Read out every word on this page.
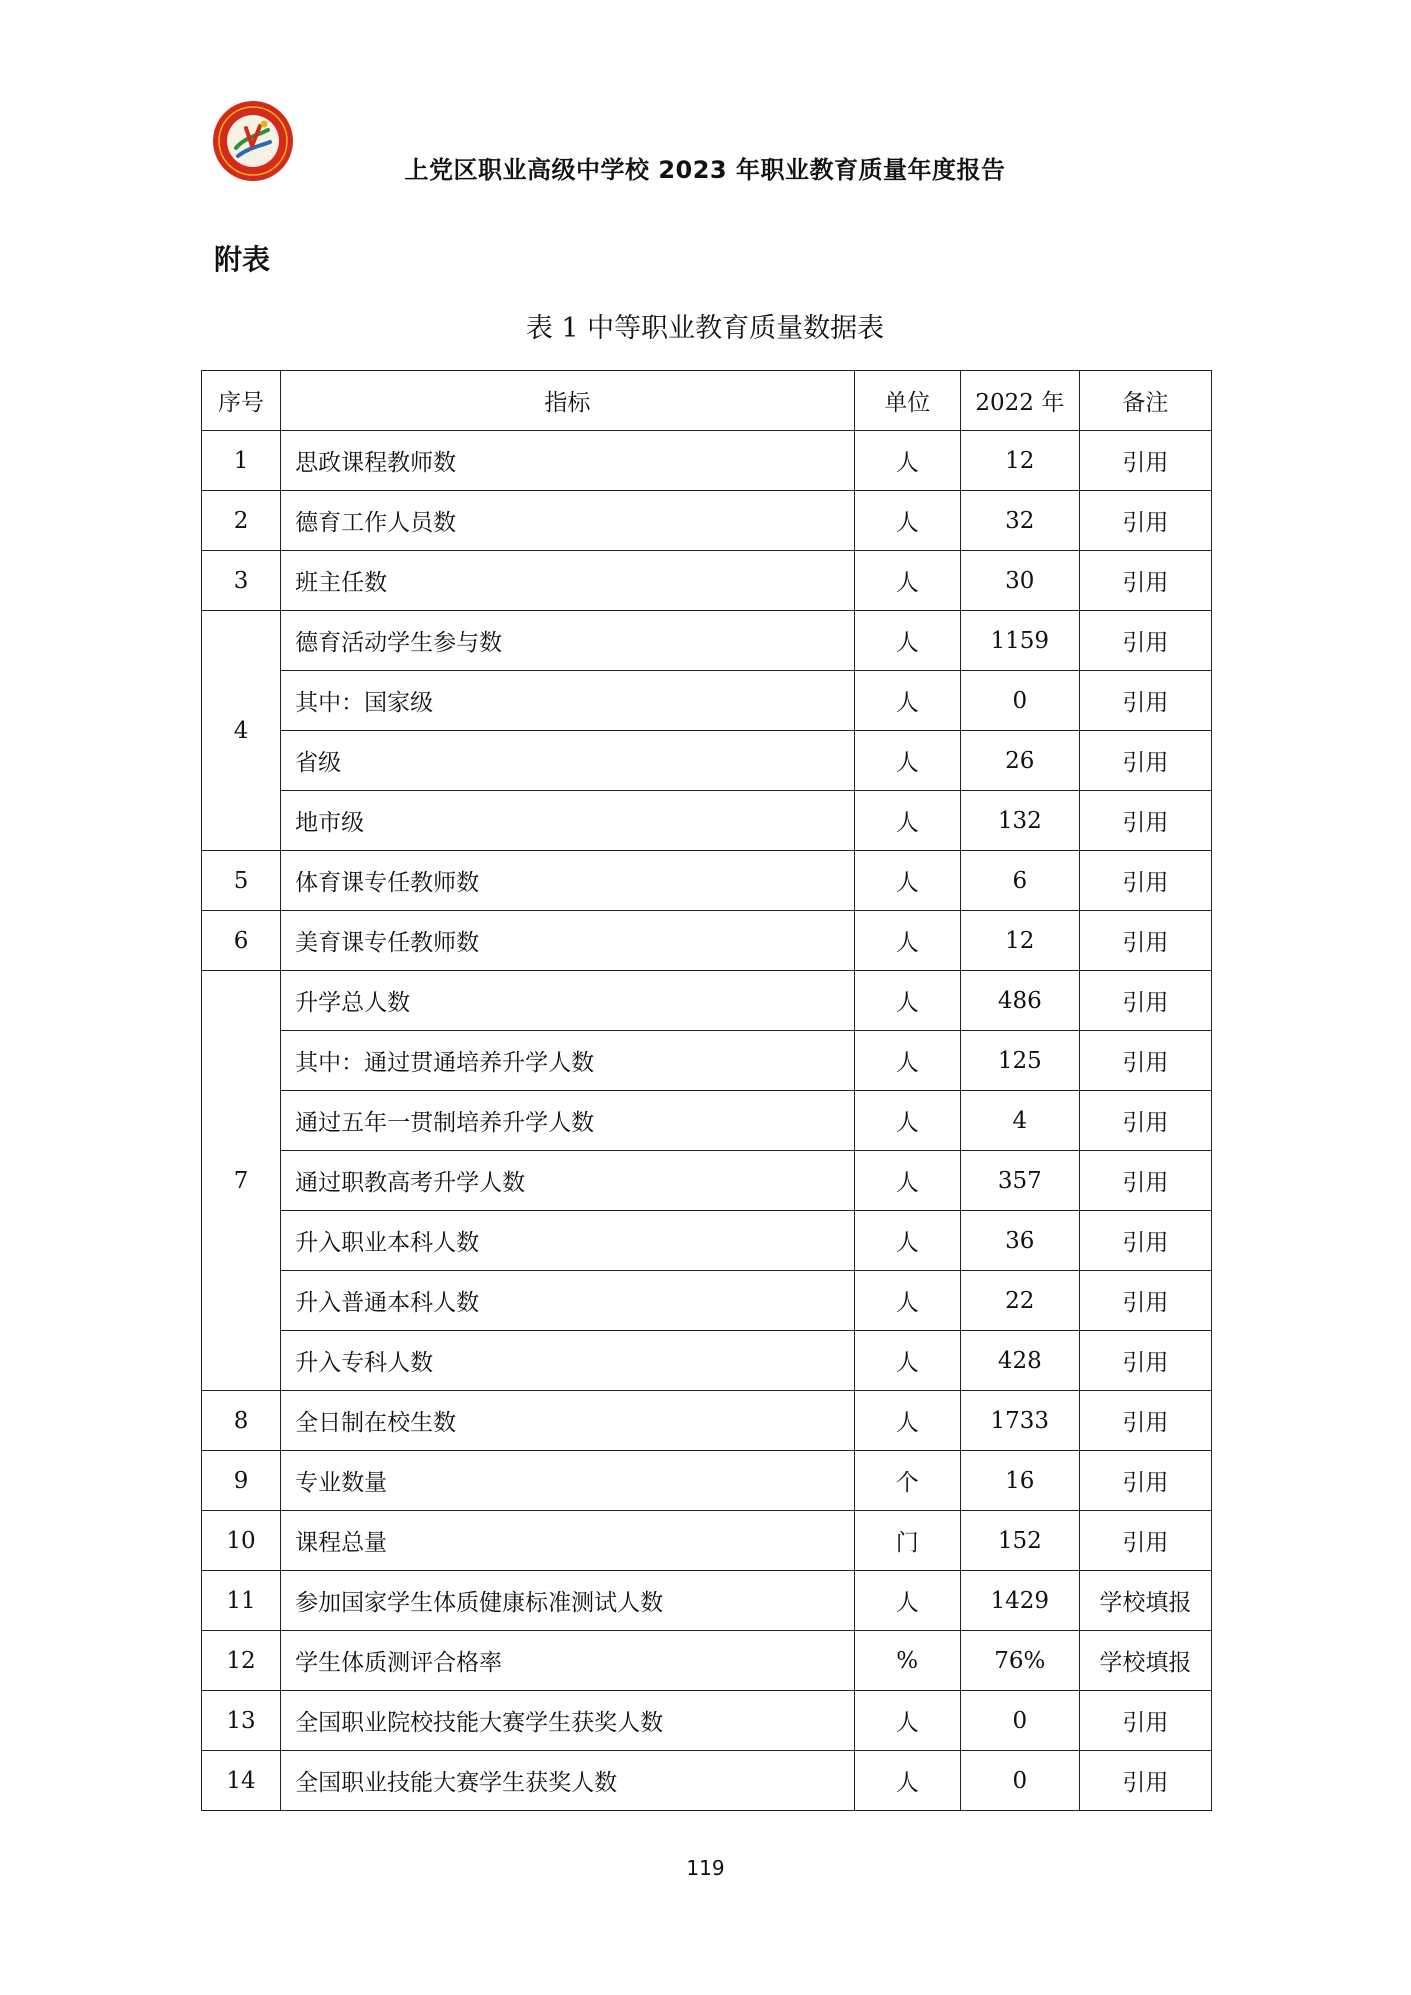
上党区职业高级中学校 2023 年职业教育质量年度报告
附表
表 1 中等职业教育质量数据表
序号	指标	单位	2022 年	备注
1	思政课程教师数	人	12	引用
2	德育工作人员数	人	32	引用
3	班主任数	人	30	引用
4	德育活动学生参与数	人	1159	引用
	其中：国家级	人	0	引用
	省级	人	26	引用
	地市级	人	132	引用
5	体育课专任教师数	人	6	引用
6	美育课专任教师数	人	12	引用
7	升学总人数	人	486	引用
	其中：通过贯通培养升学人数	人	125	引用
	通过五年一贯制培养升学人数	人	4	引用
	通过职教高考升学人数	人	357	引用
	升入职业本科人数	人	36	引用
	升入普通本科人数	人	22	引用
	升入专科人数	人	428	引用
8	全日制在校生数	人	1733	引用
9	专业数量	个	16	引用
10	课程总量	门	152	引用
11	参加国家学生体质健康标准测试人数	人	1429	学校填报
12	学生体质测评合格率	%	76%	学校填报
13	全国职业院校技能大赛学生获奖人数	人	0	引用
14	全国职业技能大赛学生获奖人数	人	0	引用
119
